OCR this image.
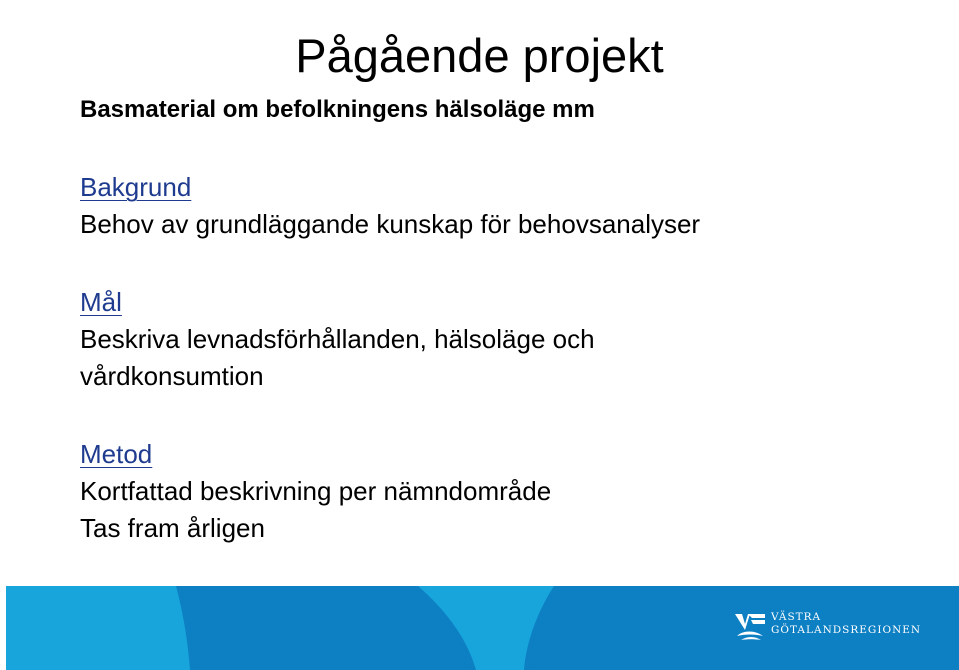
Pågående projekt
Basmaterial om befolkningens hälsoläge mm
Bakgrund
Behov av grundläggande kunskap för behovsanalyser
Mål
Beskriva levnadsförhållanden, hälsoläge och
vårdkonsumtion
Metod
Kortfattad beskrivning per nämndområde
Tas fram årligen
VÄSTRA
GÖTALANDSREGIONEN
